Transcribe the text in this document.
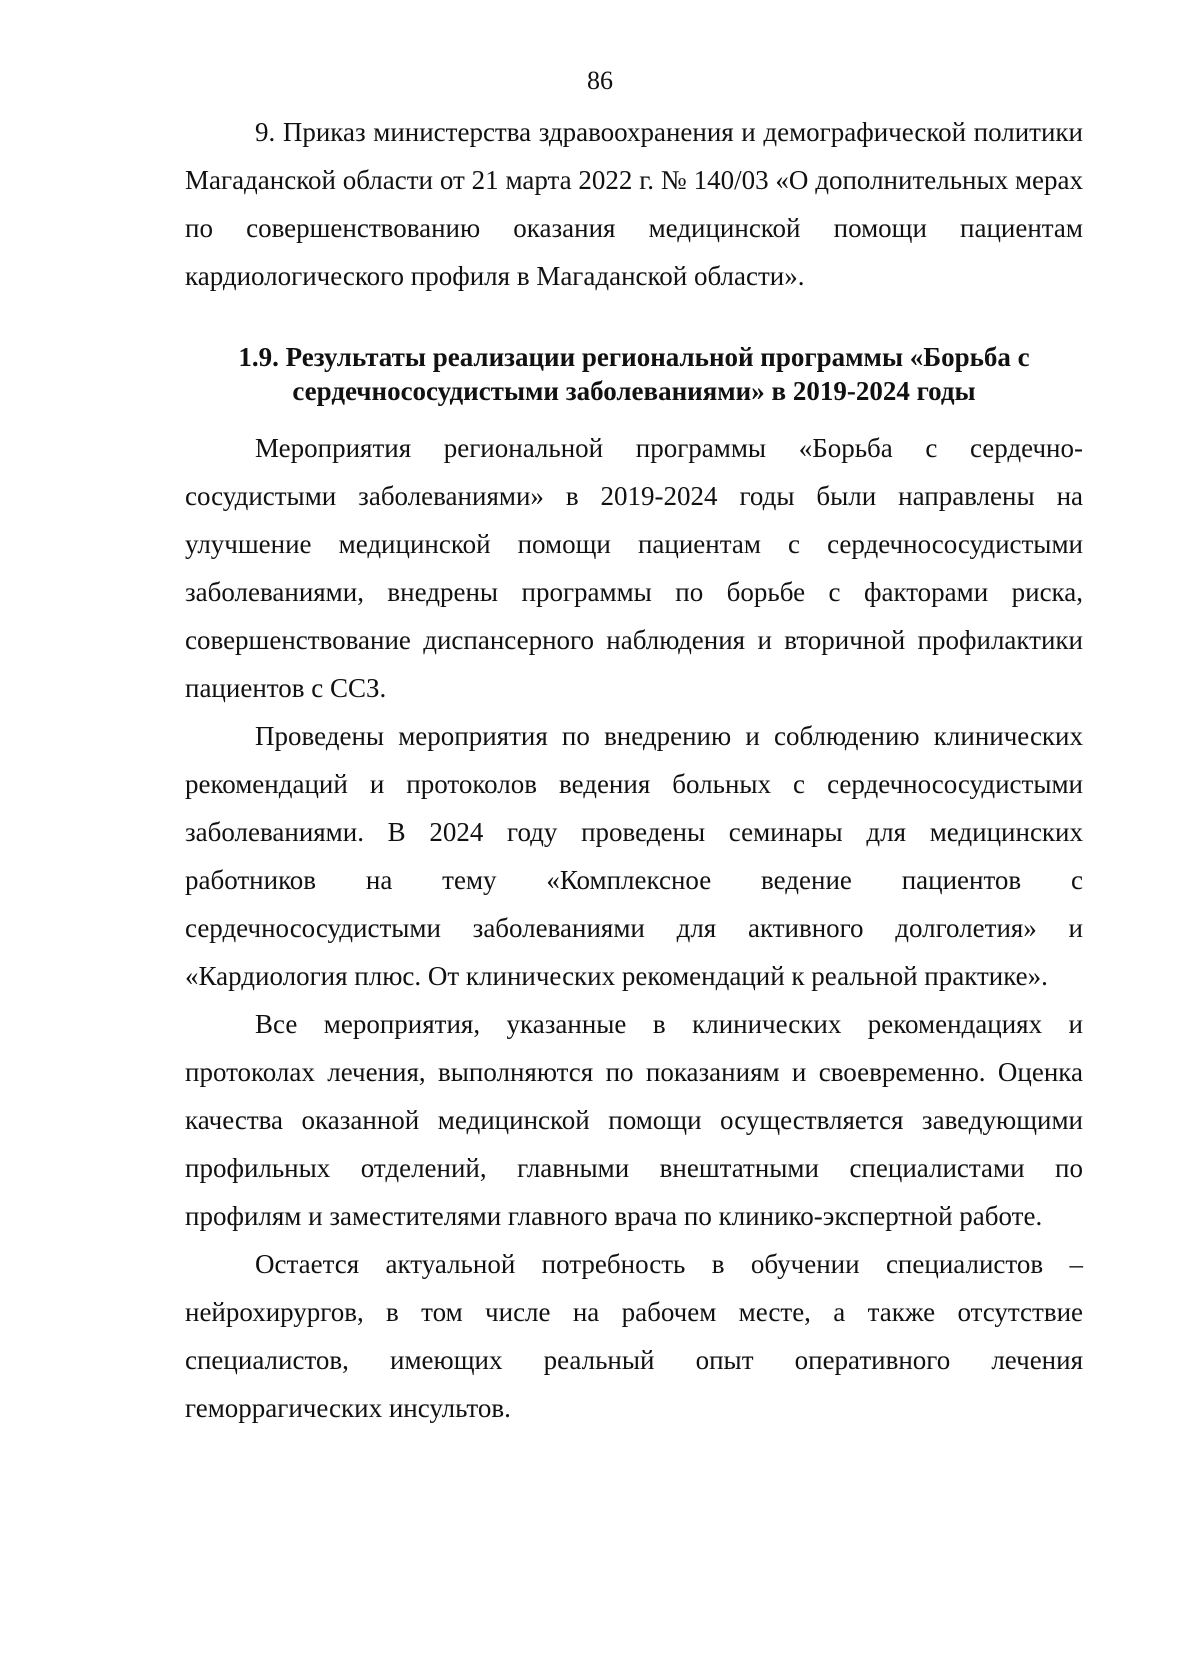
86

9. Приказ министерства здравоохранения и демографической политики Магаданской области от 21 марта 2022 г. № 140/03 «О дополнительных мерах по совершенствованию оказания медицинской помощи пациентам кардиологического профиля в Магаданской области».

1.9. Результаты реализации региональной программы «Борьба с сердечнососудистыми заболеваниями» в 2019-2024 годы

Мероприятия региональной программы «Борьба с сердечно-сосудистыми заболеваниями» в 2019-2024 годы были направлены на улучшение медицинской помощи пациентам с сердечнососудистыми заболеваниями, внедрены программы по борьбе с факторами риска, совершенствование диспансерного наблюдения и вторичной профилактики пациентов с ССЗ.

Проведены мероприятия по внедрению и соблюдению клинических рекомендаций и протоколов ведения больных с сердечнососудистыми заболеваниями. В 2024 году проведены семинары для медицинских работников на тему «Комплексное ведение пациентов с сердечнососудистыми заболеваниями для активного долголетия» и «Кардиология плюс. От клинических рекомендаций к реальной практике».

Все мероприятия, указанные в клинических рекомендациях и протоколах лечения, выполняются по показаниям и своевременно. Оценка качества оказанной медицинской помощи осуществляется заведующими профильных отделений, главными внештатными специалистами по профилям и заместителями главного врача по клинико-экспертной работе.

Остается актуальной потребность в обучении специалистов – нейрохирургов, в том числе на рабочем месте, а также отсутствие специалистов, имеющих реальный опыт оперативного лечения геморрагических инсультов.
